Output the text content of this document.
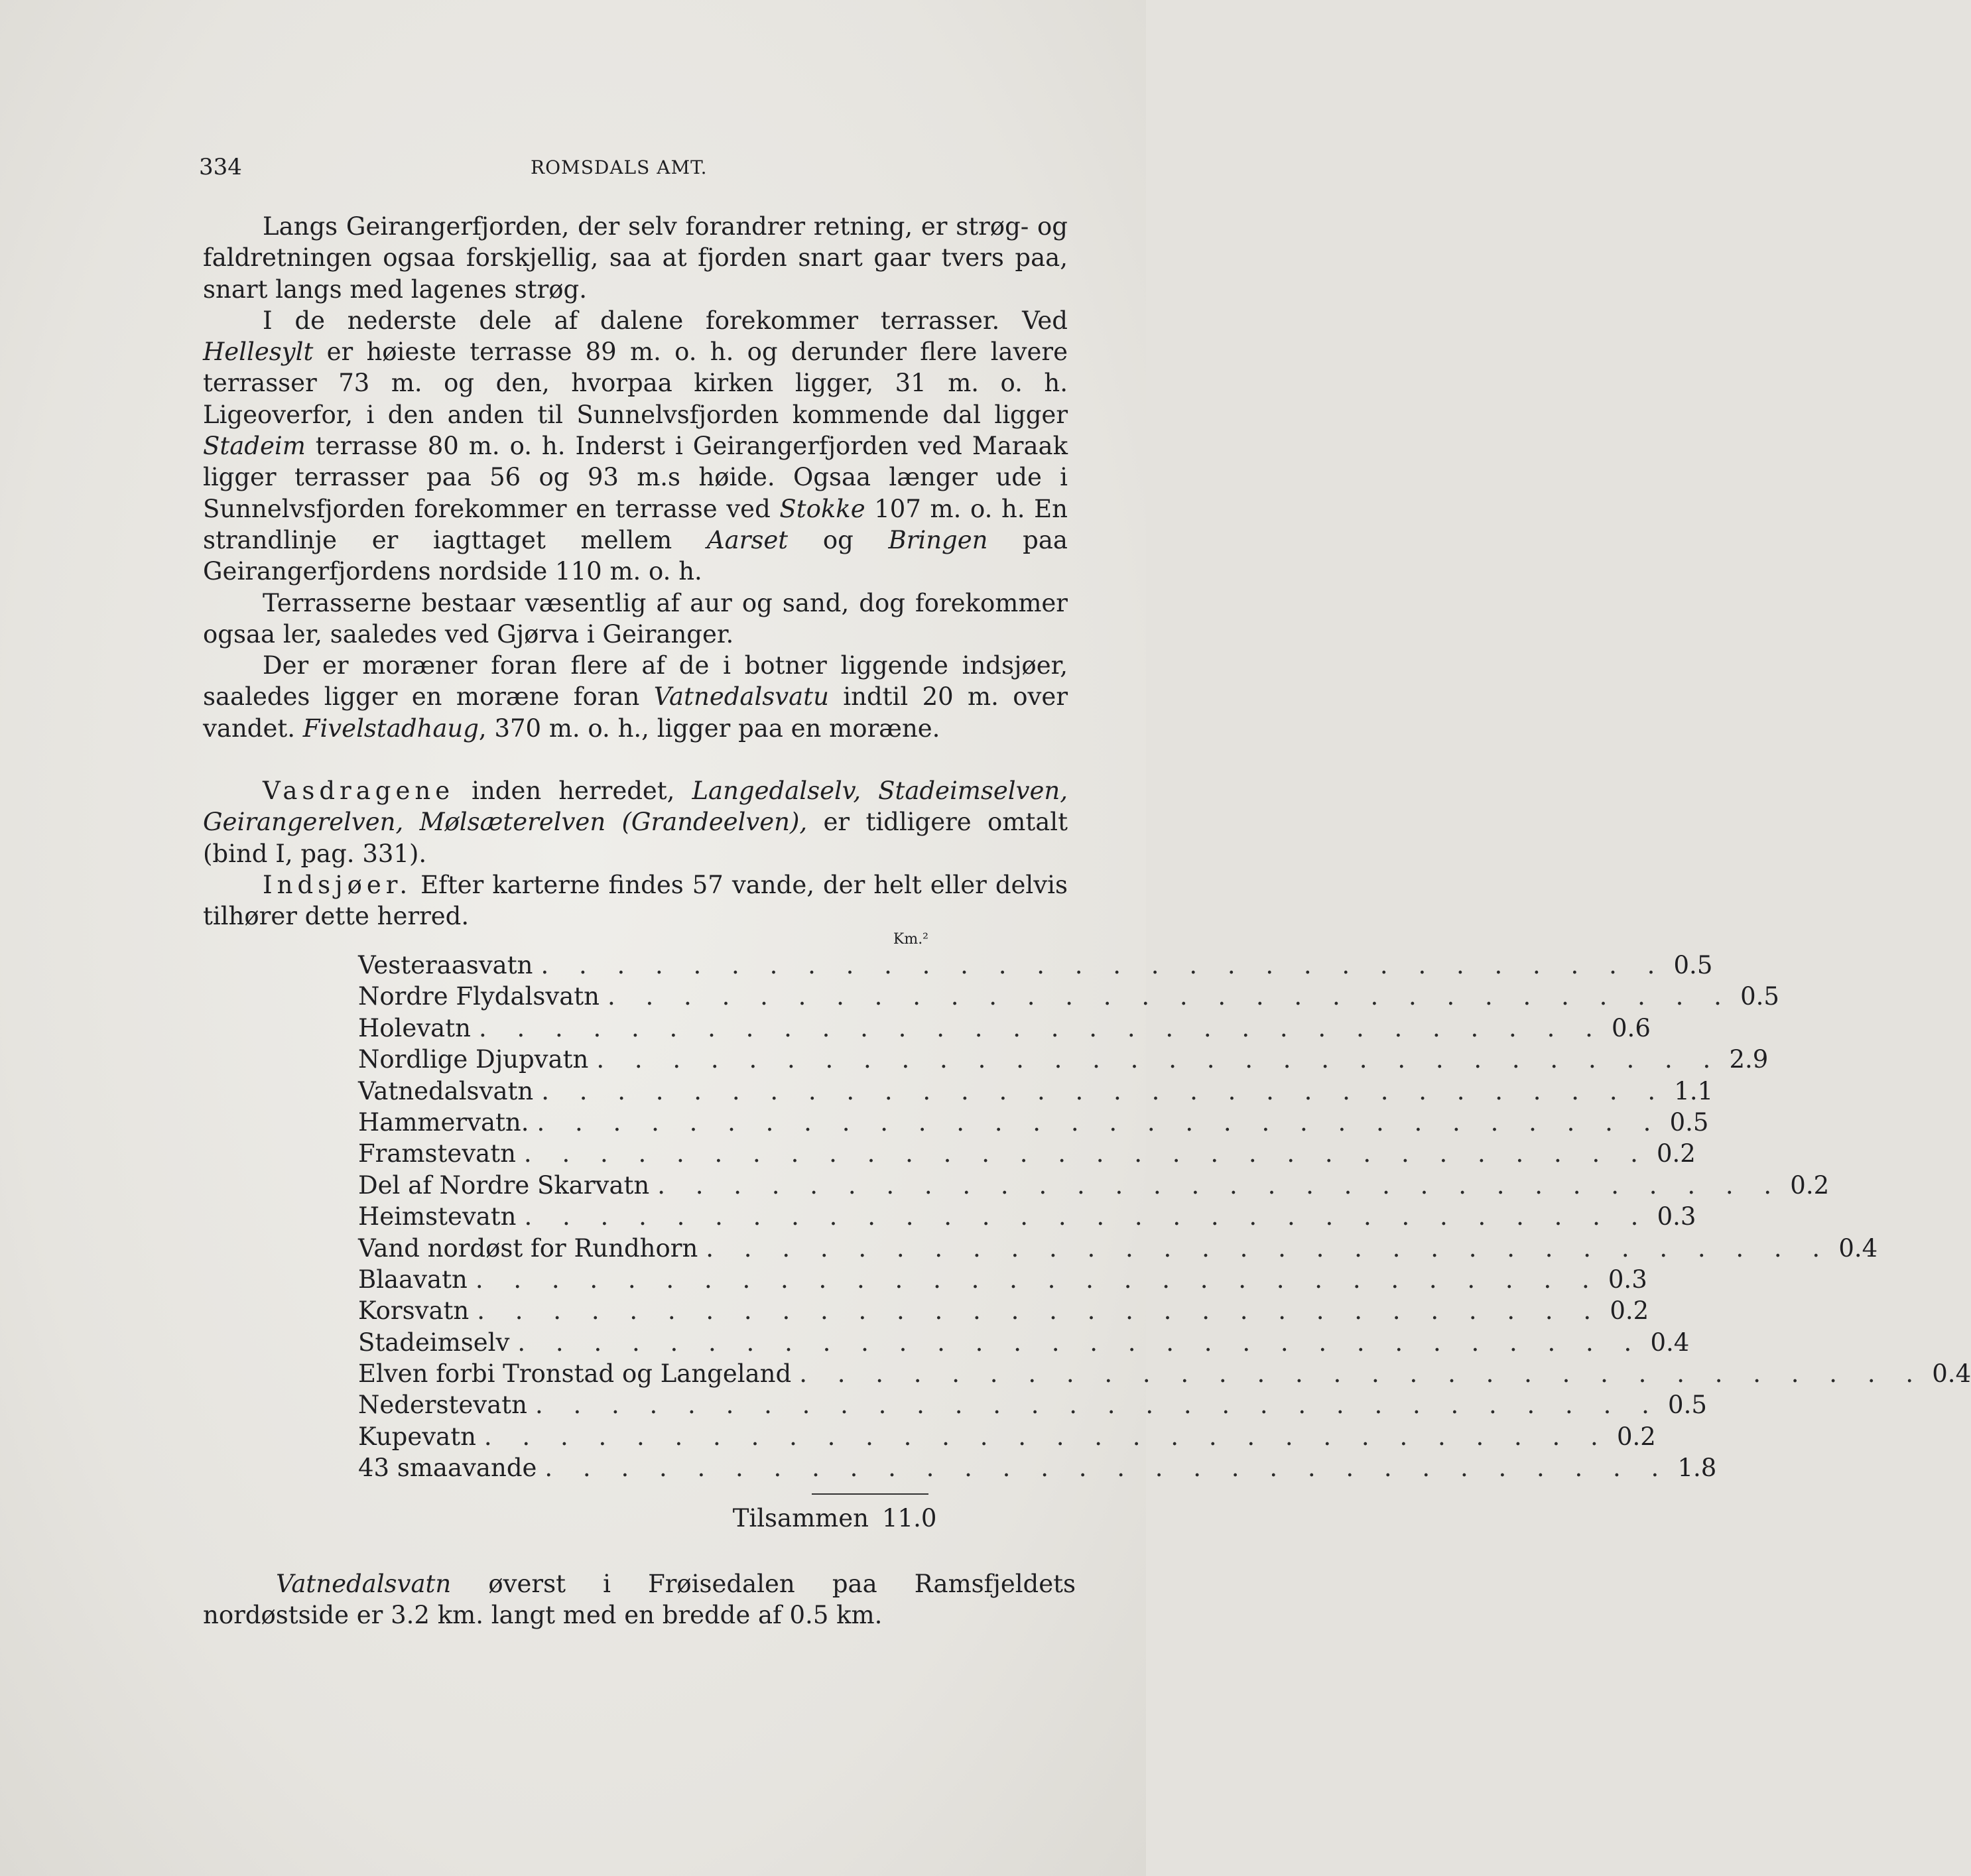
334	ROMSDALS AMT.

Langs Geirangerfjorden, der selv forandrer retning, er strøg- og faldretningen ogsaa forskjellig, saa at fjorden snart gaar tvers paa, snart langs med lagenes strøg.

I de nederste dele af dalene forekommer terrasser. Ved Hellesylt er høieste terrasse 89 m. o. h. og derunder flere lavere terrasser 73 m. og den, hvorpaa kirken ligger, 31 m. o. h. Ligeoverfor, i den anden til Sunnelvsfjorden kommende dal ligger Stadeim terrasse 80 m. o. h. Inderst i Geirangerfjorden ved Maraak ligger terrasser paa 56 og 93 m.s høide. Ogsaa længer ude i Sunnelvsfjorden forekommer en terrasse ved Stokke 107 m. o. h. En strandlinje er iagttaget mellem Aarset og Bringen paa Geirangerfjordens nordside 110 m. o. h.

Terrasserne bestaar væsentlig af aur og sand, dog forekommer ogsaa ler, saaledes ved Gjørva i Geiranger.

Der er moræner foran flere af de i botner liggende indsjøer, saaledes ligger en moræne foran Vatnedalsvatu indtil 20 m. over vandet. Fivelstadhaug, 370 m. o. h., ligger paa en moræne.

Vasdragene inden herredet, Langedalselv, Stadeimselven, Geirangerelven, Mølsæterelven (Grandeelven), er tidligere omtalt (bind I, pag. 331).

Indsjøer. Efter karterne findes 57 vande, der helt eller delvis tilhører dette herred.

Km.²
Vesteraasvatn . . . . . . . . . . . . . . . . . . . . . . . . . . . . . . 0.5
Nordre Flydalsvatn . . . . . . . . . . . . . . . . . . . . . . . . . . . . . . 0.5
Holevatn . . . . . . . . . . . . . . . . . . . . . . . . . . . . . . 0.6
Nordlige Djupvatn . . . . . . . . . . . . . . . . . . . . . . . . . . . . . . 2.9
Vatnedalsvatn . . . . . . . . . . . . . . . . . . . . . . . . . . . . . . 1.1
Hammervatn. . . . . . . . . . . . . . . . . . . . . . . . . . . . . . . 0.5
Framstevatn . . . . . . . . . . . . . . . . . . . . . . . . . . . . . . 0.2
Del af Nordre Skarvatn . . . . . . . . . . . . . . . . . . . . . . . . . . . . . . 0.2
Heimstevatn . . . . . . . . . . . . . . . . . . . . . . . . . . . . . . 0.3
Vand nordøst for Rundhorn . . . . . . . . . . . . . . . . . . . . . . . . . . . . . . 0.4
Blaavatn . . . . . . . . . . . . . . . . . . . . . . . . . . . . . . 0.3
Korsvatn . . . . . . . . . . . . . . . . . . . . . . . . . . . . . . 0.2
Stadeimselv . . . . . . . . . . . . . . . . . . . . . . . . . . . . . . 0.4
Elven forbi Tronstad og Langeland . . . . . . . . . . . . . . . . . . . . . . . . . . . . . . 0.4
Nederstevatn . . . . . . . . . . . . . . . . . . . . . . . . . . . . . . 0.5
Kupevatn . . . . . . . . . . . . . . . . . . . . . . . . . . . . . . 0.2
43 smaavande . . . . . . . . . . . . . . . . . . . . . . . . . . . . . . 1.8
Tilsammen 11.0

Vatnedalsvatn øverst i Frøisedalen paa Ramsfjeldets nordøstside er 3.2 km. langt med en bredde af 0.5 km.
